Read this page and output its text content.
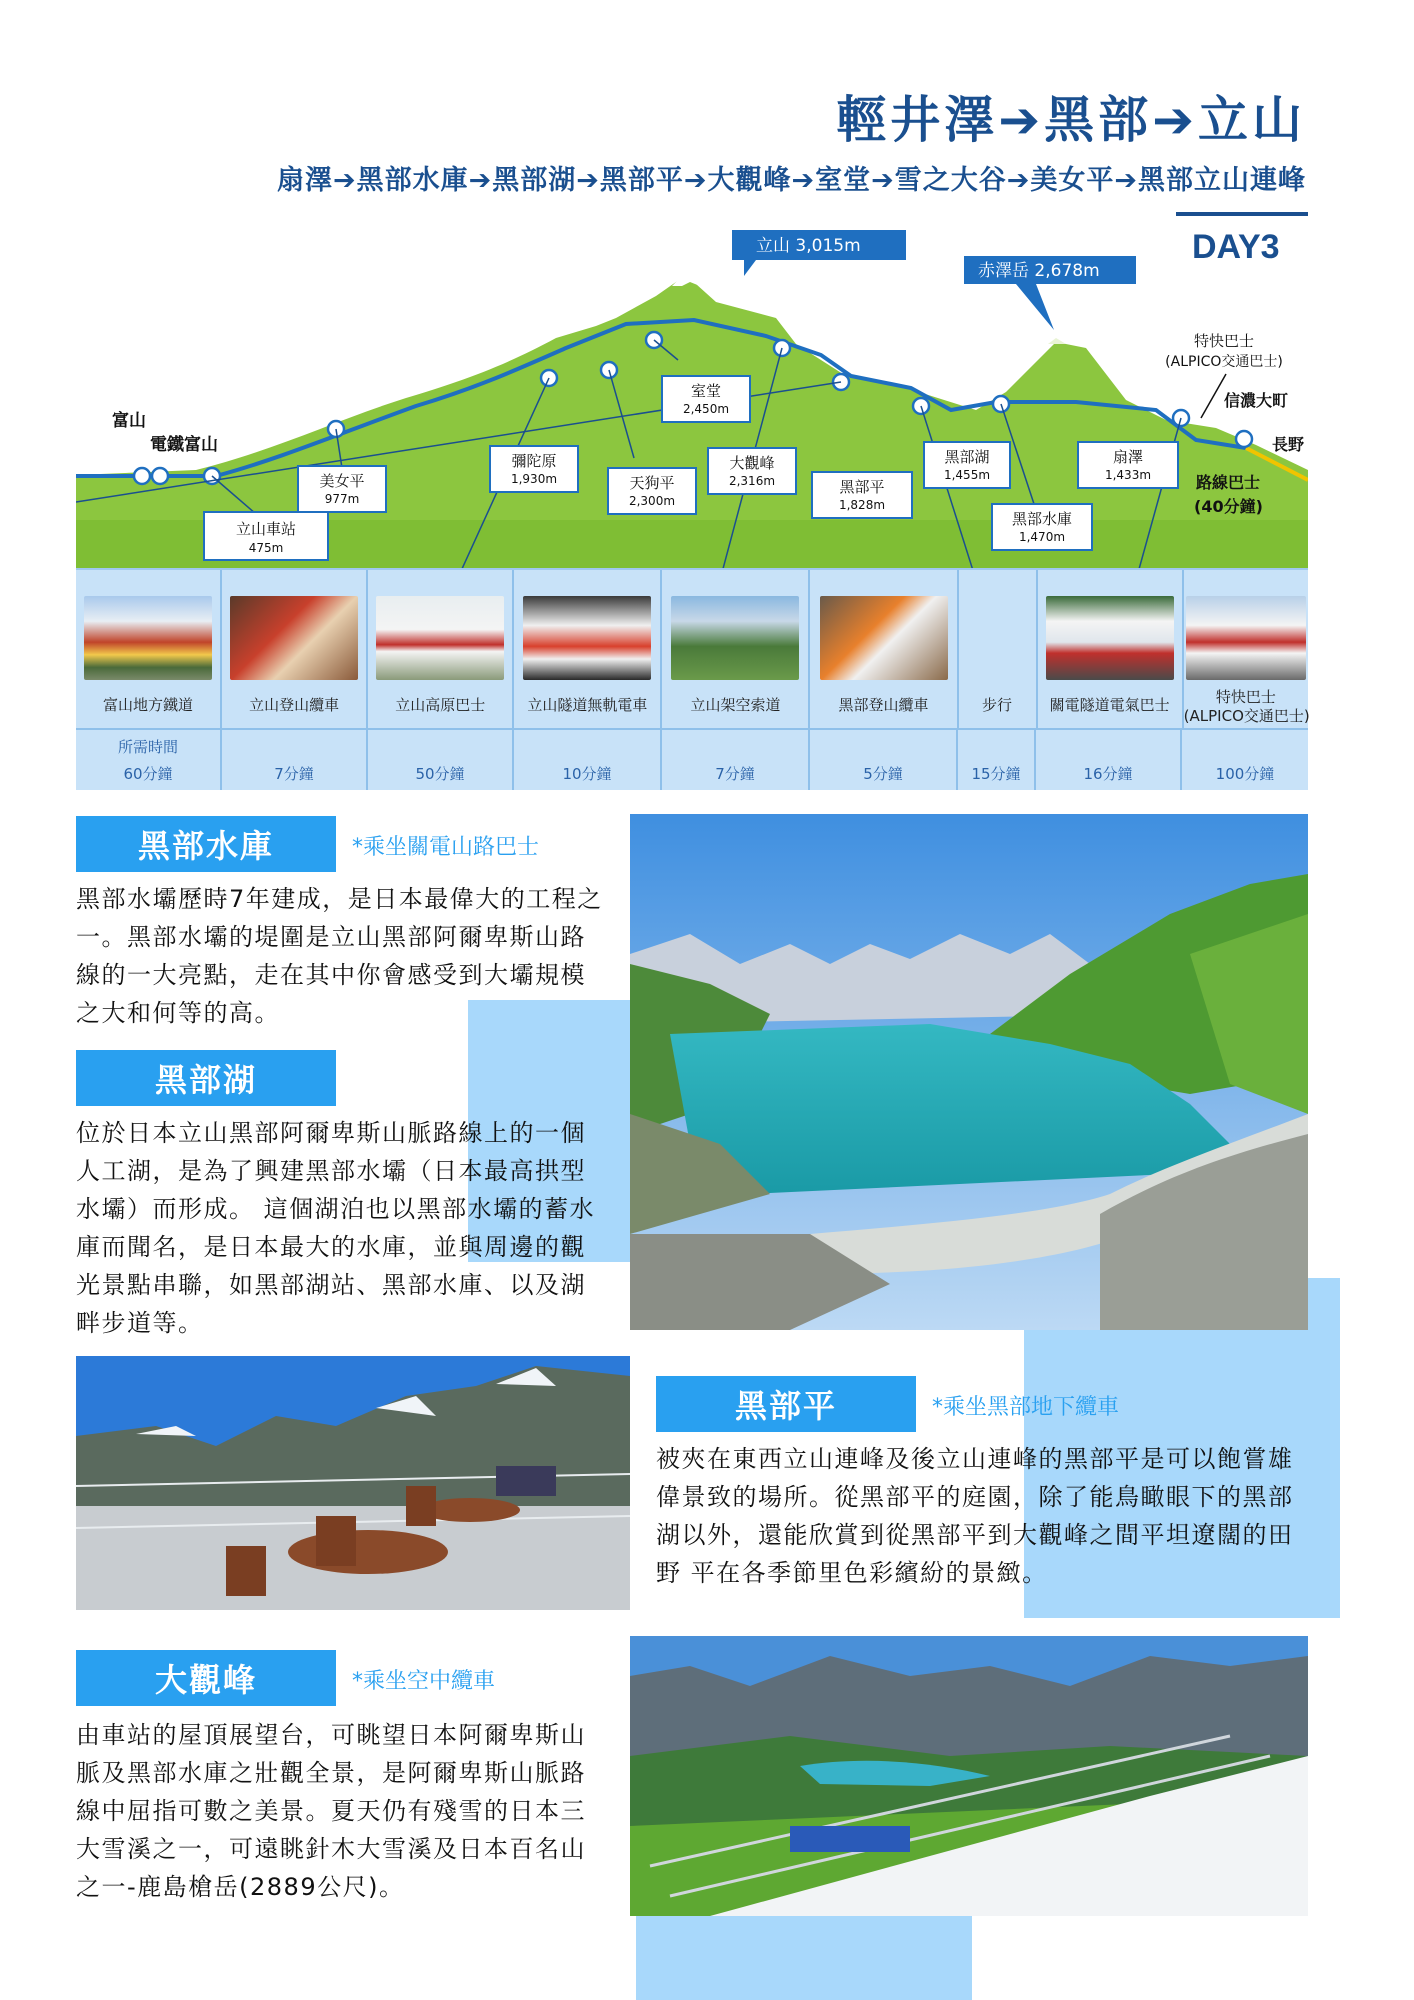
輕井澤➔黑部➔立山
扇澤➔黑部水庫➔黑部湖➔黑部平➔大觀峰➔室堂➔雪之大谷➔美女平➔黑部立山連峰
DAY3
立山 3,015m
赤澤岳 2,678m
富山
電鐵富山
立山車站
475m
美女平
977m
彌陀原
1,930m	天狗平
2,300m
室堂
2,450m
大觀峰
2,316m	黑部平
1,828m
黑部湖
1,455m
黑部水庫
1,470m
扇澤
1,433m
特快巴士
(ALPICO交通巴士)
信濃大町
長野
路線巴士
(40分鐘)
富山地方鐵道	立山登山纜車	立山高原巴士	立山隧道無軌電車	立山架空索道	黑部登山纜車	步行	關電隧道電氣巴士	特快巴士
(ALPICO交通巴士)
所需時間
60分鐘	7分鐘	50分鐘	10分鐘	7分鐘	5分鐘	15分鐘	16分鐘	100分鐘
黑部水庫	*乘坐關電山路巴士
黑部水壩歷時7年建成，是日本最偉大的工程之一。黑部水壩的堤圍是立山黑部阿爾卑斯山路線的一大亮點，走在其中你會感受到大壩規模之大和何等的高。
黑部湖
位於日本立山黑部阿爾卑斯山脈路線上的一個人工湖，是為了興建黑部水壩（日本最高拱型水壩）而形成。 這個湖泊也以黑部水壩的蓄水庫而聞名，是日本最大的水庫，並與周邊的觀光景點串聯，如黑部湖站、黑部水庫、以及湖畔步道等。
黑部平	*乘坐黑部地下纜車
被夾在東西立山連峰及後立山連峰的黑部平是可以飽嘗雄偉景致的場所。從黑部平的庭園，除了能鳥瞰眼下的黑部湖以外，還能欣賞到從黑部平到大觀峰之間平坦遼闊的田野 平在各季節里色彩繽紛的景緻。
大觀峰	*乘坐空中纜車
由車站的屋頂展望台，可眺望日本阿爾卑斯山脈及黑部水庫之壯觀全景，是阿爾卑斯山脈路線中屈指可數之美景。夏天仍有殘雪的日本三大雪溪之一，可遠眺針木大雪溪及日本百名山之一-鹿島槍岳(2889公尺)。
